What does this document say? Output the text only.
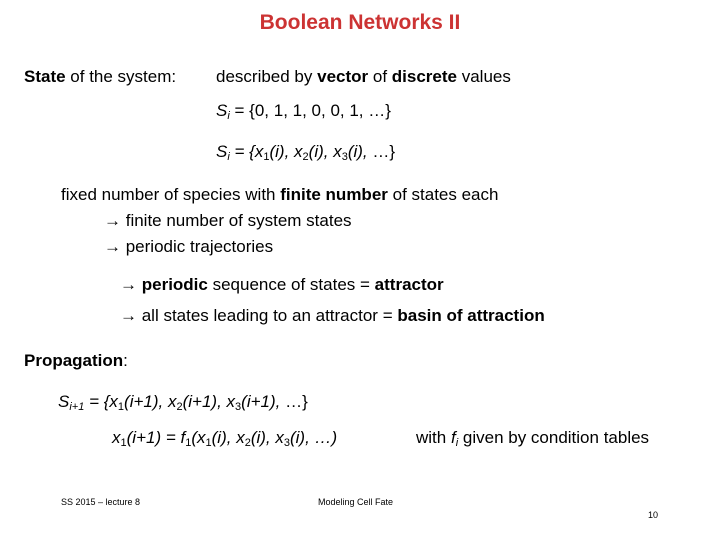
Boolean Networks II
State of the system: described by vector of discrete values
Si = {0, 1, 1, 0, 0, 1, …}
Si = {x1(i), x2(i), x3(i), …}
fixed number of species with finite number of states each
→ finite number of system states
→ periodic trajectories
→ periodic sequence of states = attractor
→ all states leading to an attractor = basin of attraction
Propagation:
Si+1 = {x1(i+1), x2(i+1), x3(i+1), …}
x1(i+1) = f1(x1(i), x2(i), x3(i), …)	with fi given by condition tables
SS 2015 – lecture 8	Modeling Cell Fate
10
